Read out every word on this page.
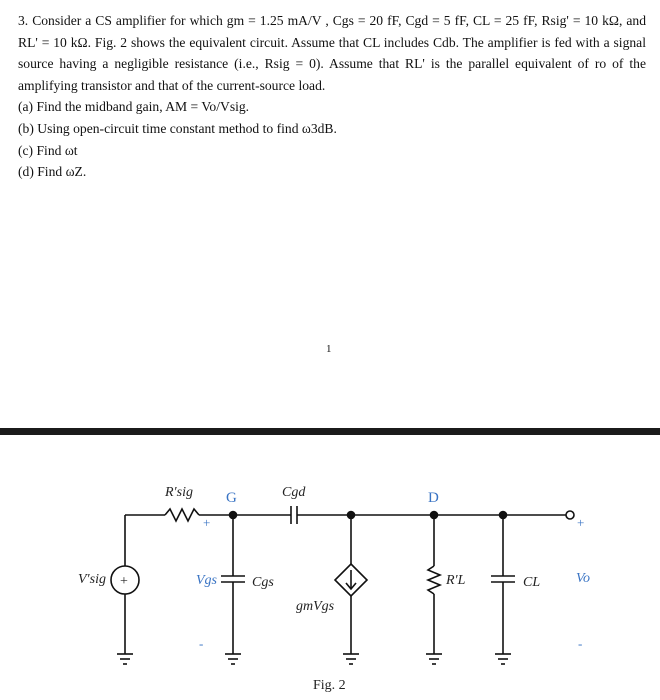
3. Consider a CS amplifier for which gm = 1.25 mA/V , Cgs = 20 fF, Cgd = 5 fF, CL = 25 fF, Rsig' = 10 kΩ, and RL' = 10 kΩ. Fig. 2 shows the equivalent circuit. Assume that CL includes Cdb. The amplifier is fed with a signal source having a negligible resistance (i.e., Rsig = 0). Assume that RL' is the parallel equivalent of ro of the amplifying transistor and that of the current-source load.

(a) Find the midband gain, AM = Vo/Vsig.

(b) Using open-circuit time constant method to find ω3dB.

(c) Find ωt

(d) Find ωZ.

1
R′sig G	Cgd	D
+	+
V′sig +	Vgs	Cgs
gmVgs
R′L	CL	Vo
-	-
Fig. 2
